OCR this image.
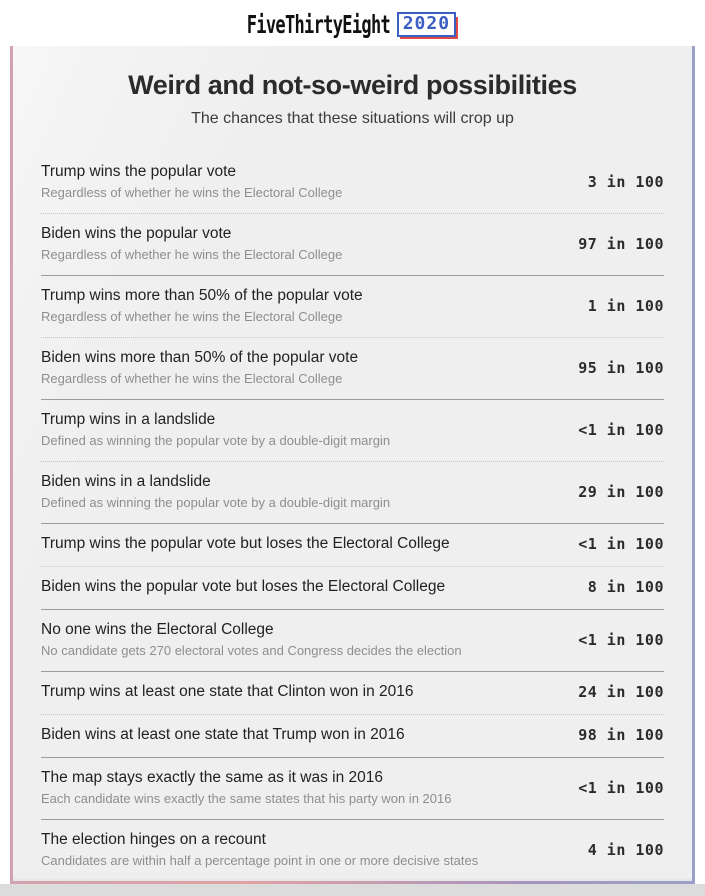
FiveThirtyEight 2020
Weird and not-so-weird possibilities

The chances that these situations will crop up

Trump wins the popular vote
Regardless of whether he wins the Electoral College
3 in 100
Biden wins the popular vote
Regardless of whether he wins the Electoral College
97 in 100
Trump wins more than 50% of the popular vote
Regardless of whether he wins the Electoral College
1 in 100
Biden wins more than 50% of the popular vote
Regardless of whether he wins the Electoral College
95 in 100
Trump wins in a landslide
Defined as winning the popular vote by a double-digit margin
<1 in 100
Biden wins in a landslide
Defined as winning the popular vote by a double-digit margin
29 in 100
Trump wins the popular vote but loses the Electoral College	<1 in 100
Biden wins the popular vote but loses the Electoral College	8 in 100
No one wins the Electoral College
No candidate gets 270 electoral votes and Congress decides the election
<1 in 100
Trump wins at least one state that Clinton won in 2016	24 in 100
Biden wins at least one state that Trump won in 2016	98 in 100
The map stays exactly the same as it was in 2016
Each candidate wins exactly the same states that his party won in 2016
<1 in 100
The election hinges on a recount
Candidates are within half a percentage point in one or more decisive states
4 in 100
